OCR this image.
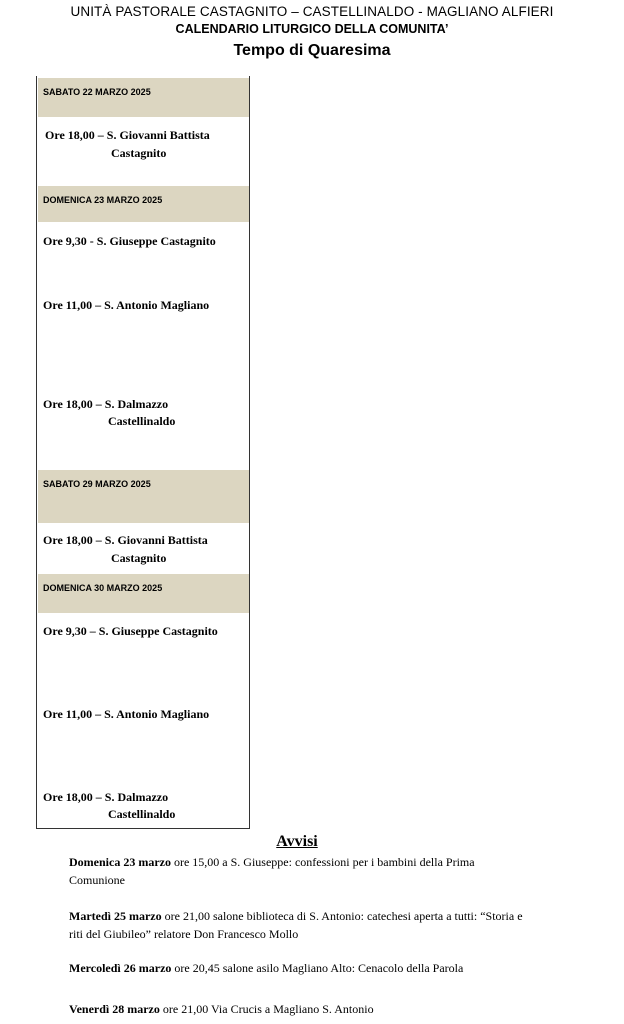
UNITÀ PASTORALE CASTAGNITO – CASTELLINALDO - MAGLIANO ALFIERI
CALENDARIO LITURGICO DELLA COMUNITA’
Tempo di Quaresima
SABATO 22 MARZO 2025
DOMENICA 23 MARZO 2025
SABATO 29 MARZO 2025
DOMENICA 30 MARZO 2025
Ore 18,00 – S. Giovanni Battista
Castagnito
Ore 9,30 - S. Giuseppe Castagnito
Ore 11,00 – S. Antonio Magliano
Ore 18,00 – S. Dalmazzo
Castellinaldo
Ore 18,00 – S. Giovanni Battista
Castagnito
Ore 9,30 – S. Giuseppe Castagnito
Ore 11,00 – S. Antonio Magliano
Ore 18,00 – S. Dalmazzo
Castellinaldo
Avvisi
Domenica 23 marzo ore 15,00 a S. Giuseppe: confessioni per i bambini della Prima Comunione
Martedì 25 marzo ore 21,00 salone biblioteca di S. Antonio: catechesi aperta a tutti: “Storia e riti del Giubileo” relatore Don Francesco Mollo
Mercoledì 26 marzo ore 20,45 salone asilo Magliano Alto: Cenacolo della Parola
Venerdì 28 marzo ore 21,00 Via Crucis a Magliano S. Antonio
